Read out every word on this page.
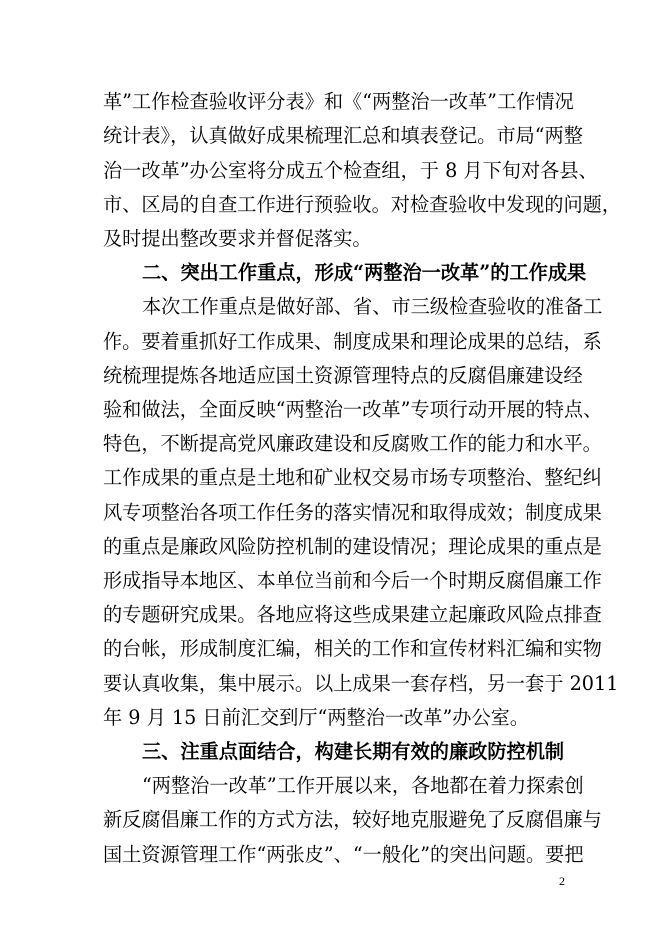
革”工作检查验收评分表》和《“两整治一改革”工作情况
统计表》，认真做好成果梳理汇总和填表登记。市局“两整
治一改革”办公室将分成五个检查组，于 8 月下旬对各县、
市、区局的自查工作进行预验收。对检查验收中发现的问题，
及时提出整改要求并督促落实。
二、突出工作重点，形成“两整治一改革”的工作成果
本次工作重点是做好部、省、市三级检查验收的准备工
作。要着重抓好工作成果、制度成果和理论成果的总结，系
统梳理提炼各地适应国土资源管理特点的反腐倡廉建设经
验和做法，全面反映“两整治一改革”专项行动开展的特点、
特色，不断提高党风廉政建设和反腐败工作的能力和水平。
工作成果的重点是土地和矿业权交易市场专项整治、整纪纠
风专项整治各项工作任务的落实情况和取得成效；制度成果
的重点是廉政风险防控机制的建设情况；理论成果的重点是
形成指导本地区、本单位当前和今后一个时期反腐倡廉工作
的专题研究成果。各地应将这些成果建立起廉政风险点排查
的台帐，形成制度汇编，相关的工作和宣传材料汇编和实物
要认真收集，集中展示。以上成果一套存档，另一套于 2011
年 9 月 15 日前汇交到厅“两整治一改革”办公室。
三、注重点面结合，构建长期有效的廉政防控机制
“两整治一改革”工作开展以来，各地都在着力探索创
新反腐倡廉工作的方式方法，较好地克服避免了反腐倡廉与
国土资源管理工作“两张皮”、“一般化”的突出问题。要把
2
